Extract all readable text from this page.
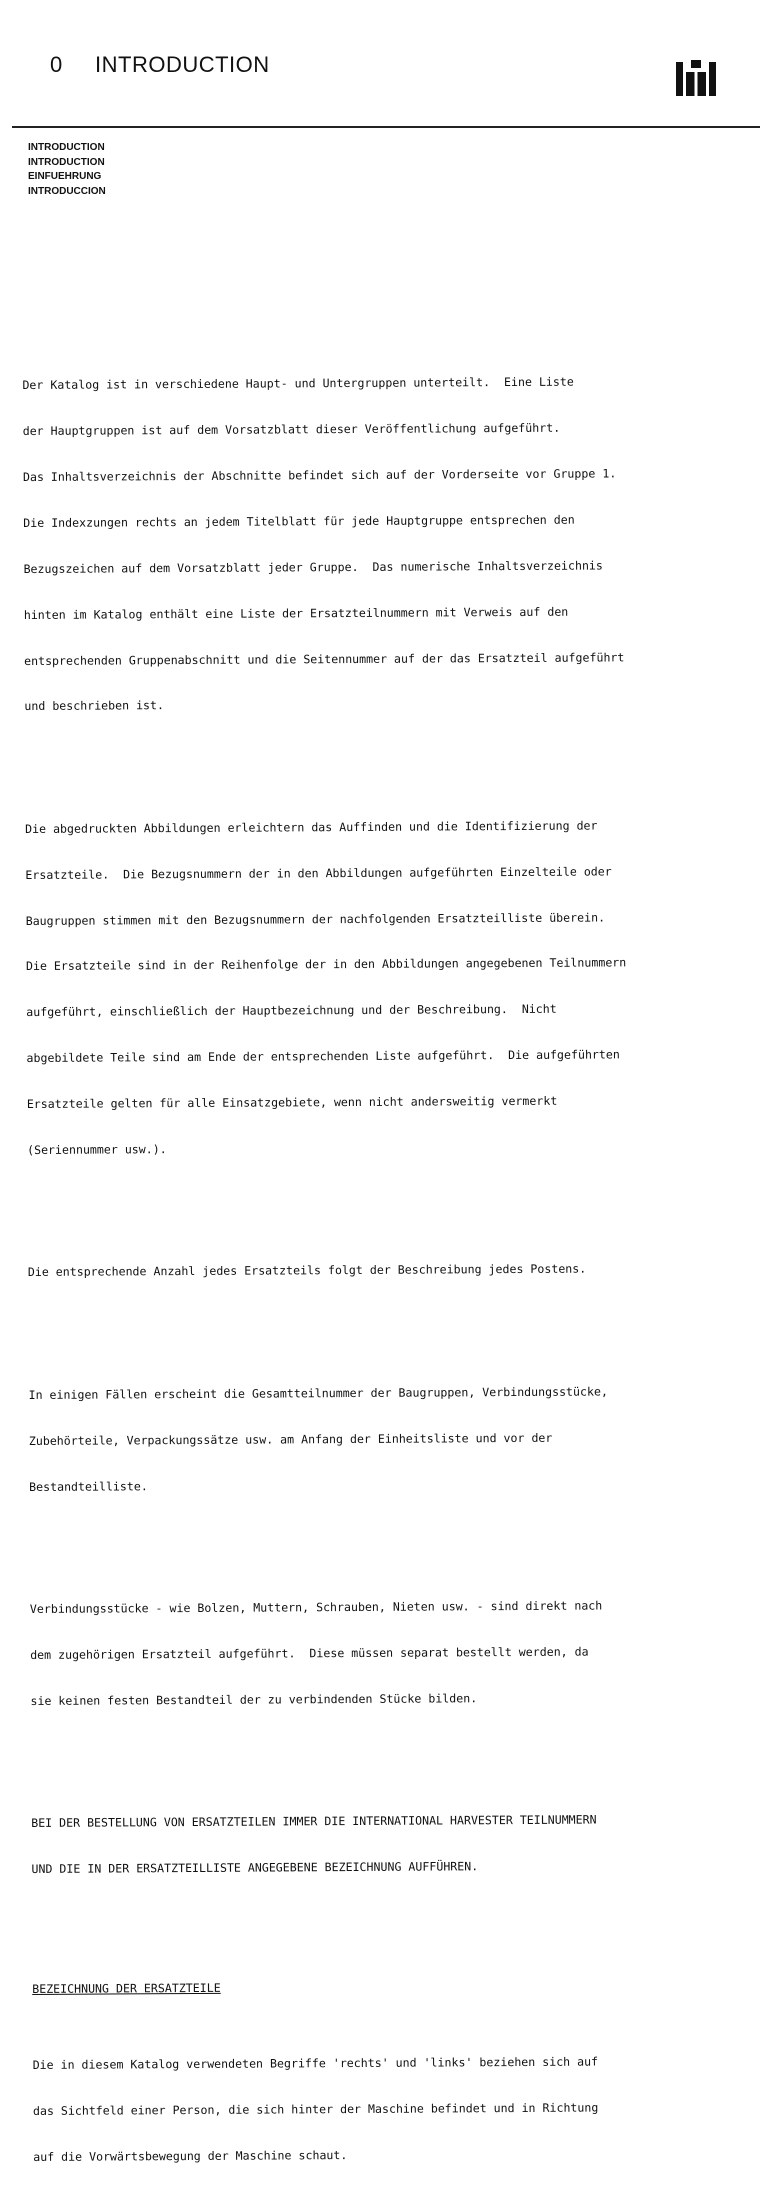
0 INTRODUCTION
INTRODUCTION
INTRODUCTION
EINFUEHRUNG
INTRODUCCION

Der Katalog ist in verschiedene Haupt- und Untergruppen unterteilt.  Eine Liste

der Hauptgruppen ist auf dem Vorsatzblatt dieser Veröffentlichung aufgeführt.

Das Inhaltsverzeichnis der Abschnitte befindet sich auf der Vorderseite vor Gruppe 1.

Die Indexzungen rechts an jedem Titelblatt für jede Hauptgruppe entsprechen den

Bezugszeichen auf dem Vorsatzblatt jeder Gruppe.  Das numerische Inhaltsverzeichnis

hinten im Katalog enthält eine Liste der Ersatzteilnummern mit Verweis auf den

entsprechenden Gruppenabschnitt und die Seitennummer auf der das Ersatzteil aufgeführt

und beschrieben ist.

Die abgedruckten Abbildungen erleichtern das Auffinden und die Identifizierung der

Ersatzteile.  Die Bezugsnummern der in den Abbildungen aufgeführten Einzelteile oder

Baugruppen stimmen mit den Bezugsnummern der nachfolgenden Ersatzteilliste überein.

Die Ersatzteile sind in der Reihenfolge der in den Abbildungen angegebenen Teilnummern

aufgeführt, einschließlich der Hauptbezeichnung und der Beschreibung.  Nicht

abgebildete Teile sind am Ende der entsprechenden Liste aufgeführt.  Die aufgeführten

Ersatzteile gelten für alle Einsatzgebiete, wenn nicht andersweitig vermerkt

(Seriennummer usw.).

Die entsprechende Anzahl jedes Ersatzteils folgt der Beschreibung jedes Postens.

In einigen Fällen erscheint die Gesamtteilnummer der Baugruppen, Verbindungsstücke,

Zubehörteile, Verpackungssätze usw. am Anfang der Einheitsliste und vor der

Bestandteilliste.

Verbindungsstücke - wie Bolzen, Muttern, Schrauben, Nieten usw. - sind direkt nach

dem zugehörigen Ersatzteil aufgeführt.  Diese müssen separat bestellt werden, da

sie keinen festen Bestandteil der zu verbindenden Stücke bilden.

BEI DER BESTELLUNG VON ERSATZTEILEN IMMER DIE INTERNATIONAL HARVESTER TEILNUMMERN

UND DIE IN DER ERSATZTEILLISTE ANGEGEBENE BEZEICHNUNG AUFFÜHREN.

BEZEICHNUNG DER ERSATZTEILE

Die in diesem Katalog verwendeten Begriffe 'rechts' und 'links' beziehen sich auf

das Sichtfeld einer Person, die sich hinter der Maschine befindet und in Richtung

auf die Vorwärtsbewegung der Maschine schaut.
